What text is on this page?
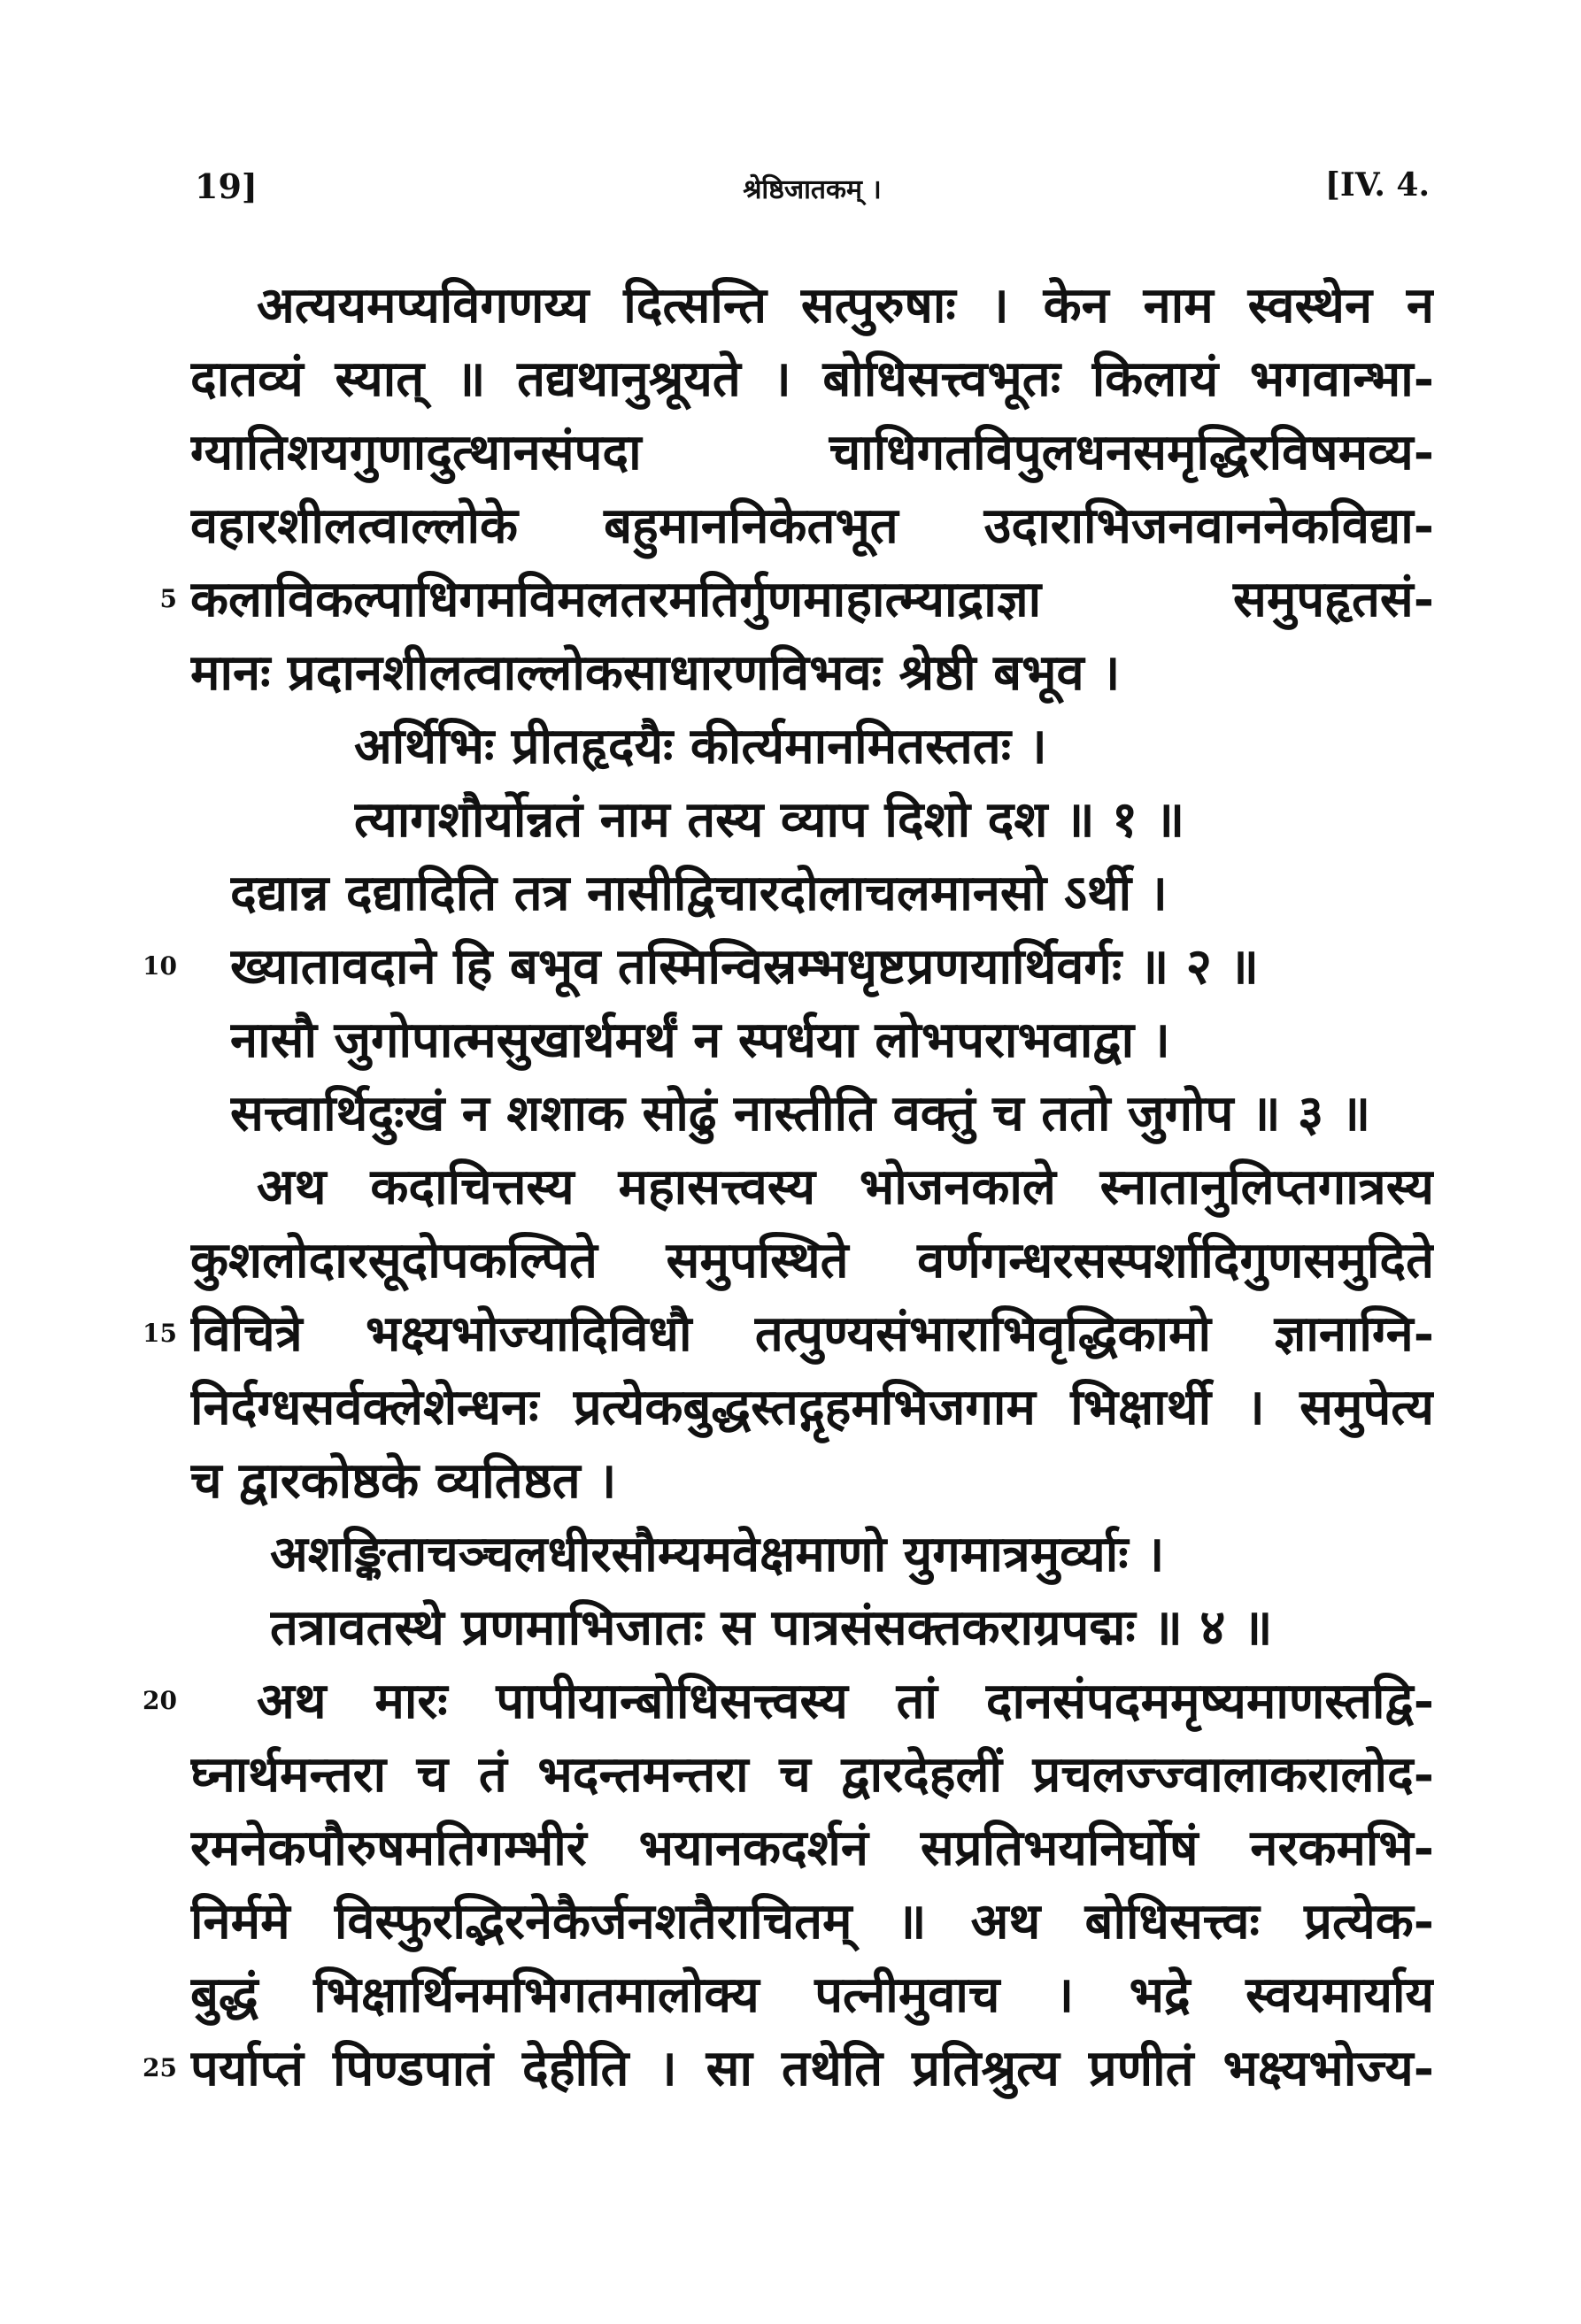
19]	श्रेष्ठिजातकम् ।	[IV. 4.
अत्ययमप्यविगणय्य दित्सन्ति सत्पुरुषाः । केन नाम स्वस्थेन न
दातव्यं स्यात् ॥ तद्यथानुश्रूयते । बोधिसत्त्वभूतः किलायं भगवान्भा-
ग्यातिशयगुणादुत्थानसंपदा चाधिगतविपुलधनसमृद्धिरविषमव्य-
वहारशीलत्वाल्लोके बहुमाननिकेतभूत उदाराभिजनवाननेकविद्या-
5 कलाविकल्पाधिगमविमलतरमतिर्गुणमाहात्म्याद्राज्ञा समुपहृतसं-
मानः प्रदानशीलत्वाल्लोकसाधारणविभवः श्रेष्ठी बभूव ।
अर्थिभिः प्रीतहृदयैः कीर्त्यमानमितस्ततः ।
त्यागशौर्योन्नतं नाम तस्य व्याप दिशो दश ॥ १ ॥
दद्यान्न दद्यादिति तत्र नासीद्विचारदोलाचलमानसो ऽर्थी ।
10 ख्यातावदाने हि बभूव तस्मिन्विस्रम्भधृष्टप्रणयार्थिवर्गः ॥ २ ॥
नासौ जुगोपात्मसुखार्थमर्थं न स्पर्धया लोभपराभवाद्वा ।
सत्त्वार्थिदुःखं न शशाक सोढुं नास्तीति वक्तुं च ततो जुगोप ॥ ३ ॥
अथ कदाचित्तस्य महासत्त्वस्य भोजनकाले स्नातानुलिप्तगात्रस्य
कुशलोदारसूदोपकल्पिते समुपस्थिते वर्णगन्धरसस्पर्शादिगुणसमुदिते
15 विचित्रे भक्ष्यभोज्यादिविधौ तत्पुण्यसंभाराभिवृद्धिकामो ज्ञानाग्नि-
निर्दग्धसर्वक्लेशेन्धनः प्रत्येकबुद्धस्तद्गृहमभिजगाम भिक्षार्थी । समुपेत्य
च द्वारकोष्ठके व्यतिष्ठत ।
अशङ्किताचञ्चलधीरसौम्यमवेक्षमाणो युगमात्रमुर्व्याः ।
तत्रावतस्थे प्रणमाभिजातः स पात्रसंसक्तकराग्रपद्मः ॥ ४ ॥
20	अथ मारः पापीयान्बोधिसत्त्वस्य तां दानसंपदममृष्यमाणस्तद्वि-
घ्नार्थमन्तरा च तं भदन्तमन्तरा च द्वारदेहलीं प्रचलज्ज्वालाकरालोद-
रमनेकपौरुषमतिगम्भीरं भयानकदर्शनं सप्रतिभयनिर्घोषं नरकमभि-
निर्ममे विस्फुरद्भिरनेकैर्जनशतैराचितम् ॥ अथ बोधिसत्त्वः प्रत्येक-
बुद्धं भिक्षार्थिनमभिगतमालोक्य पत्नीमुवाच । भद्रे स्वयमार्याय
25 पर्याप्तं पिण्डपातं देहीति । सा तथेति प्रतिश्रुत्य प्रणीतं भक्ष्यभोज्य-
